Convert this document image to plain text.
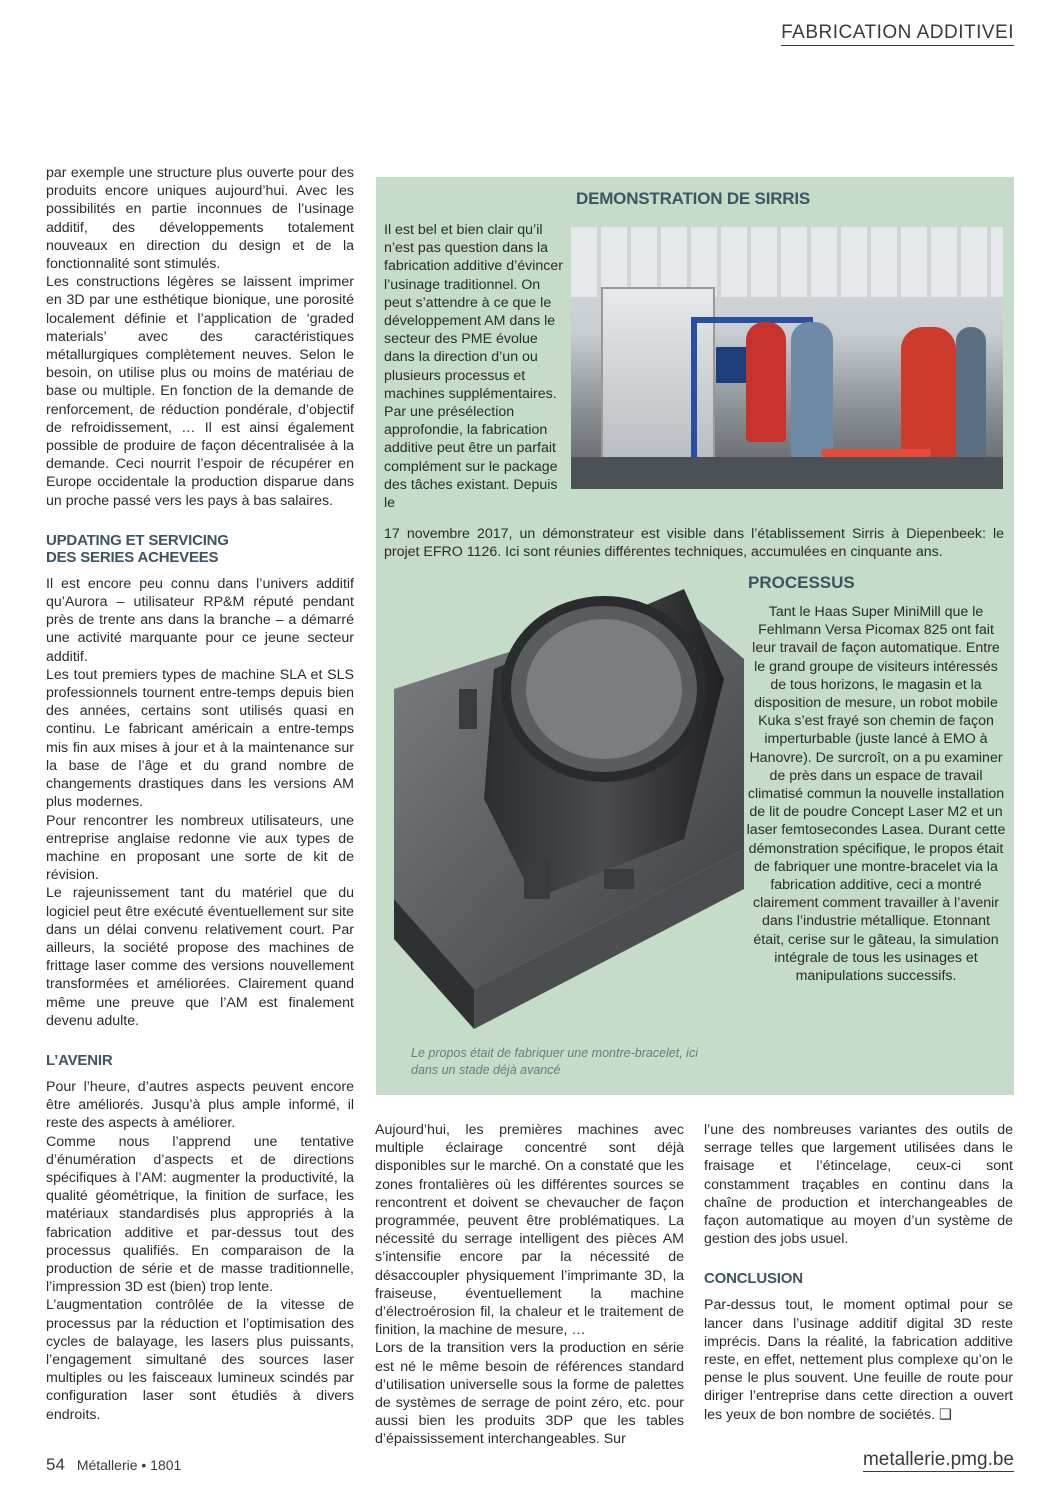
FABRICATION ADDITIVEI

par exemple une structure plus ouverte pour des produits encore uniques aujourd’hui. Avec les possibilités en partie inconnues de l’usinage additif, des développements totalement nouveaux en direction du design et de la fonctionnalité sont stimulés.

Les constructions légères se laissent imprimer en 3D par une esthétique bionique, une porosité localement définie et l’application de ‘graded materials’ avec des caractéristiques métallurgiques complètement neuves. Selon le besoin, on utilise plus ou moins de matériau de base ou multiple. En fonction de la demande de renforcement, de réduction pondérale, d’objectif de refroidissement, … Il est ainsi également possible de produire de façon décentralisée à la demande. Ceci nourrit l’espoir de récupérer en Europe occidentale la production disparue dans un proche passé vers les pays à bas salaires.

UPDATING ET SERVICING
DES SERIES ACHEVEES

Il est encore peu connu dans l’univers additif qu’Aurora – utilisateur RP&M réputé pendant près de trente ans dans la branche – a démarré une activité marquante pour ce jeune secteur additif.

Les tout premiers types de machine SLA et SLS professionnels tournent entre-temps depuis bien des années, certains sont utilisés quasi en continu. Le fabricant américain a entre-temps mis fin aux mises à jour et à la maintenance sur la base de l’âge et du grand nombre de changements drastiques dans les versions AM plus modernes.

Pour rencontrer les nombreux utilisateurs, une entreprise anglaise redonne vie aux types de machine en proposant une sorte de kit de révision.

Le rajeunissement tant du matériel que du logiciel peut être exécuté éventuellement sur site dans un délai convenu relativement court. Par ailleurs, la société propose des machines de frittage laser comme des versions nouvellement transformées et améliorées. Clairement quand même une preuve que l’AM est finalement devenu adulte.

L’AVENIR

Pour l’heure, d’autres aspects peuvent encore être améliorés. Jusqu’à plus ample informé, il reste des aspects à améliorer.

Comme nous l’apprend une tentative d’énumération d’aspects et de directions spécifiques à l’AM: augmenter la productivité, la qualité géométrique, la finition de surface, les matériaux standardisés plus appropriés à la fabrication additive et par-dessus tout des processus qualifiés. En comparaison de la production de série et de masse traditionnelle, l’impression 3D est (bien) trop lente.

L’augmentation contrôlée de la vitesse de processus par la réduction et l’optimisation des cycles de balayage, les lasers plus puissants, l’engagement simultané des sources laser multiples ou les faisceaux lumineux scindés par configuration laser sont étudiés à divers endroits.

DEMONSTRATION DE SIRRIS
Il est bel et bien clair qu’il n’est pas question dans la fabrication additive d’évincer l’usinage traditionnel. On peut s’attendre à ce que le développement AM dans le secteur des PME évolue dans la direction d’un ou plusieurs processus et machines supplémentaires. Par une présélection approfondie, la fabrication additive peut être un parfait complément sur le package des tâches existant. Depuis le
17 novembre 2017, un démonstrateur est visible dans l’établissement Sirris à Diepenbeek: le projet EFRO 1126. Ici sont réunies différentes techniques, accumulées en cinquante ans.
Le propos était de fabriquer une montre-bracelet, ici dans un stade déjà avancé
PROCESSUS
Tant le Haas Super MiniMill que le Fehlmann Versa Picomax 825 ont fait leur travail de façon automatique. Entre le grand groupe de visiteurs intéressés de tous horizons, le magasin et la disposition de mesure, un robot mobile Kuka s’est frayé son chemin de façon imperturbable (juste lancé à EMO à Hanovre). De surcroît, on a pu examiner de près dans un espace de travail climatisé commun la nouvelle installation de lit de poudre Concept Laser M2 et un laser femtosecondes Lasea. Durant cette démonstration spécifique, le propos était de fabriquer une montre-bracelet via la fabrication additive, ceci a montré clairement comment travailler à l’avenir dans l’industrie métallique. Etonnant était, cerise sur le gâteau, la simulation intégrale de tous les usinages et manipulations successifs.

Aujourd’hui, les premières machines avec multiple éclairage concentré sont déjà disponibles sur le marché. On a constaté que les zones frontalières où les différentes sources se rencontrent et doivent se chevaucher de façon programmée, peuvent être problématiques. La nécessité du serrage intelligent des pièces AM s’intensifie encore par la nécessité de désaccoupler physiquement l’imprimante 3D, la fraiseuse, éventuellement la machine d’électroérosion fil, la chaleur et le traitement de finition, la machine de mesure, …

Lors de la transition vers la production en série est né le même besoin de références standard d’utilisation universelle sous la forme de palettes de systèmes de serrage de point zéro, etc. pour aussi bien les produits 3DP que les tables d’épaississement interchangeables. Sur

l’une des nombreuses variantes des outils de serrage telles que largement utilisées dans le fraisage et l’étincelage, ceux-ci sont constamment traçables en continu dans la chaîne de production et interchangeables de façon automatique au moyen d’un système de gestion des jobs usuel.

CONCLUSION

Par-dessus tout, le moment optimal pour se lancer dans l’usinage additif digital 3D reste imprécis. Dans la réalité, la fabrication additive reste, en effet, nettement plus complexe qu’on le pense le plus souvent. Une feuille de route pour diriger l’entreprise dans cette direction a ouvert les yeux de bon nombre de sociétés. ❑

54 Métallerie • 1801	metallerie.pmg.be
